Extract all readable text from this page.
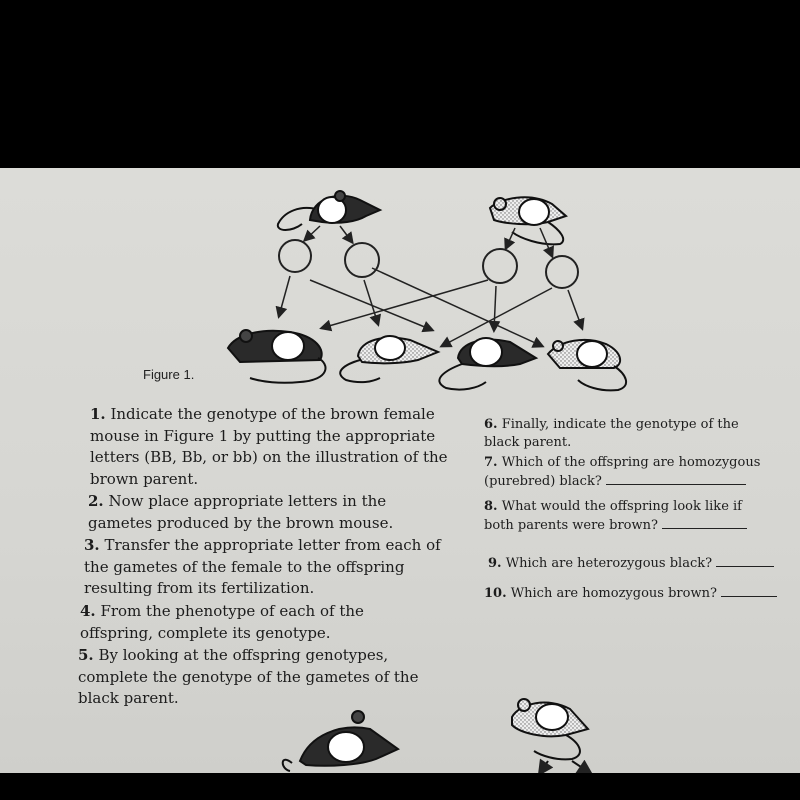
Figure 1.
1. Indicate the genotype of the brown female mouse in Figure 1 by putting the appropriate letters (BB, Bb, or bb) on the illustration of the brown parent.
2. Now place appropriate letters in the gametes produced by the brown mouse.
3. Transfer the appropriate letter from each of the gametes of the female to the offspring resulting from its fertilization.
4. From the phenotype of each of the offspring, complete its genotype.
5. By looking at the offspring genotypes, complete the genotype of the gametes of the black parent.
6. Finally, indicate the genotype of the black parent.
7. Which of the offspring are homozygous (purebred) black?
8. What would the offspring look like if both parents were brown?
9. Which are heterozygous black?
10. Which are homozygous brown?
